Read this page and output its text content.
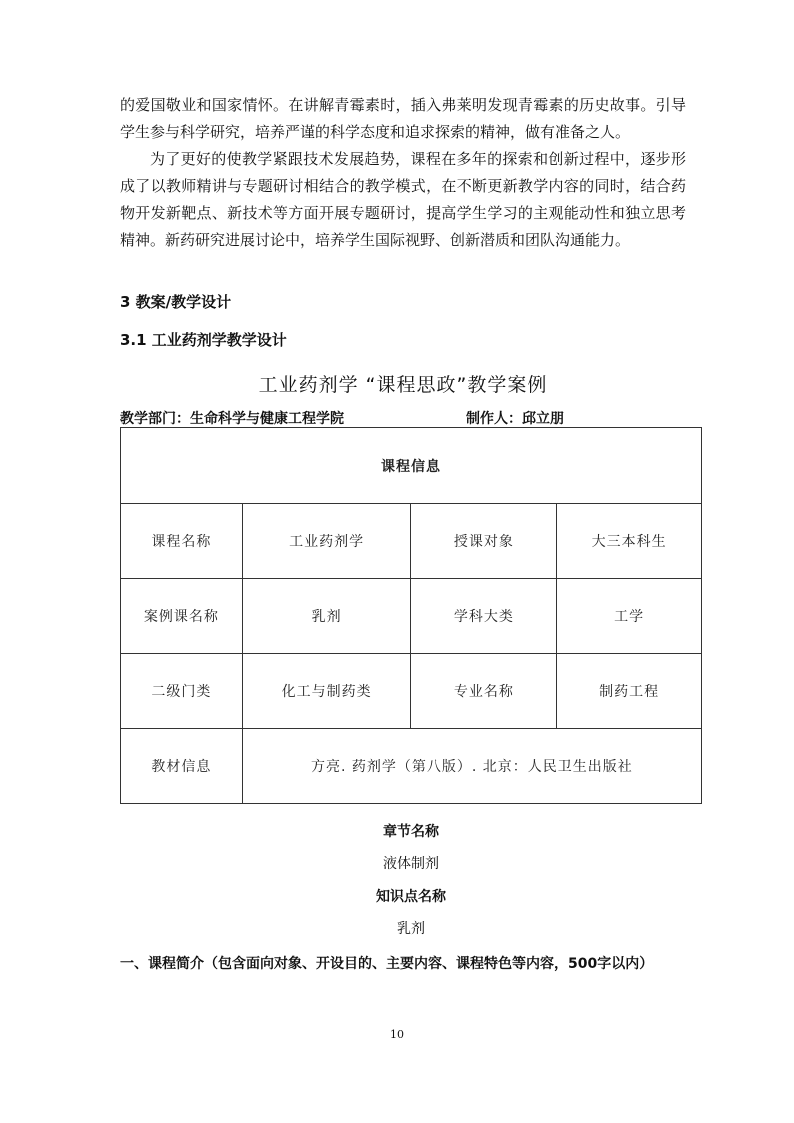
的爱国敬业和国家情怀。在讲解青霉素时，插入弗莱明发现青霉素的历史故事。引导学生参与科学研究，培养严谨的科学态度和追求探索的精神，做有准备之人。

为了更好的使教学紧跟技术发展趋势，课程在多年的探索和创新过程中，逐步形成了以教师精讲与专题研讨相结合的教学模式，在不断更新教学内容的同时，结合药物开发新靶点、新技术等方面开展专题研讨，提高学生学习的主观能动性和独立思考精神。新药研究进展讨论中，培养学生国际视野、创新潜质和团队沟通能力。

3 教案/教学设计
3.1 工业药剂学教学设计
工业药剂学 “课程思政”教学案例
教学部门：生命科学与健康工程学院	制作人：邱立朋
课程信息			
课程名称	工业药剂学	授课对象	大三本科生
案例课名称	乳剂	学科大类	工学
二级门类	化工与制药类	专业名称	制药工程
教材信息	方亮. 药剂学（第八版）. 北京：人民卫生出版社		

章节名称

液体制剂

知识点名称

乳剂

一、课程简介（包含面向对象、开设目的、主要内容、课程特色等内容，500字以内）

10
